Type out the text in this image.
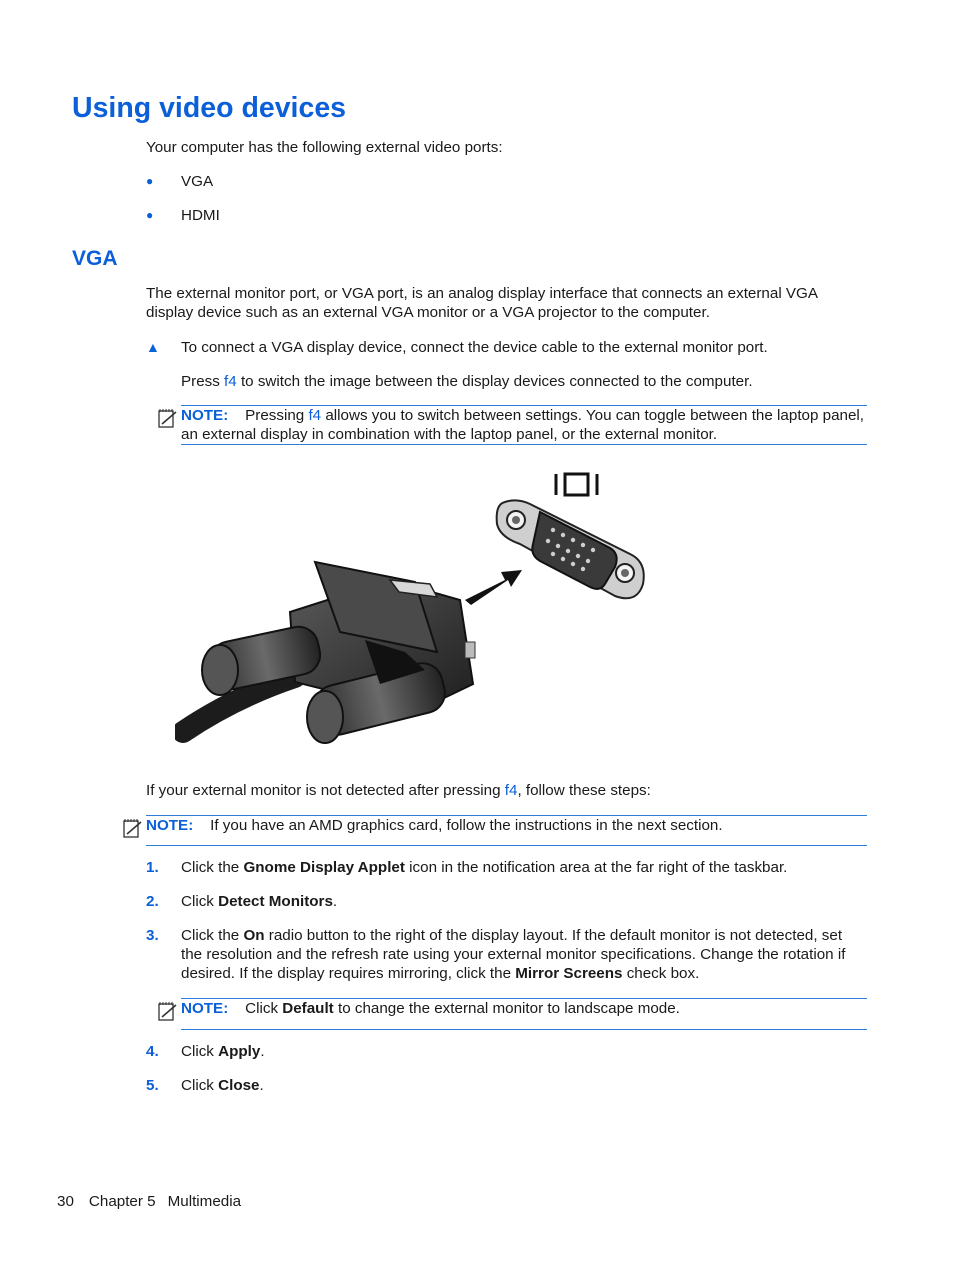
Using video devices

Your computer has the following external video ports:

● VGA
● HDMI
VGA

The external monitor port, or VGA port, is an analog display interface that connects an external VGA display device such as an external VGA monitor or a VGA projector to the computer.

▲ To connect a VGA display device, connect the device cable to the external monitor port.

Press f4 to switch the image between the display devices connected to the computer.

NOTE: Pressing f4 allows you to switch between settings. You can toggle between the laptop panel, an external display in combination with the laptop panel, or the external monitor.

If your external monitor is not detected after pressing f4, follow these steps:

NOTE: If you have an AMD graphics card, follow the instructions in the next section.

1. Click the Gnome Display Applet icon in the notification area at the far right of the taskbar.

2. Click Detect Monitors.

3. Click the On radio button to the right of the display layout. If the default monitor is not detected, set the resolution and the refresh rate using your external monitor specifications. Change the rotation if desired. If the display requires mirroring, click the Mirror Screens check box.

NOTE: Click Default to change the external monitor to landscape mode.

4. Click Apply.

5. Click Close.

30 Chapter 5 Multimedia
